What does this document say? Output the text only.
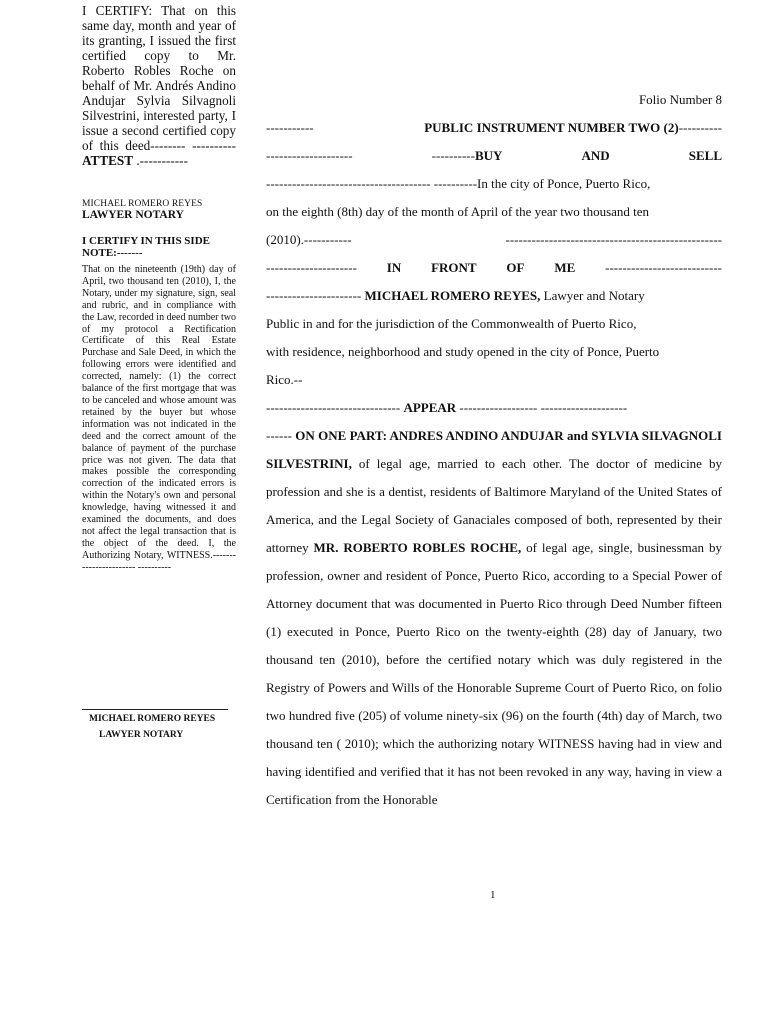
I CERTIFY: That on this same day, month and year of its granting, I issued the first certified copy to Mr. Roberto Robles Roche on behalf of Mr. Andrés Andino Andujar Sylvia Silvagnoli Silvestrini, interested party, I issue a second certified copy of this deed-------- ---------- ATTEST .-----------
MICHAEL ROMERO REYES
LAWYER NOTARY
I CERTIFY IN THIS SIDE NOTE:-------
That on the nineteenth (19th) day of April, two thousand ten (2010), I, the Notary, under my signature, sign, seal and rubric, and in compliance with the Law, recorded in deed number two of my protocol a Rectification Certificate of this Real Estate Purchase and Sale Deed, in which the following errors were identified and corrected, namely: (1) the correct balance of the first mortgage that was to be canceled and whose amount was retained by the buyer but whose information was not indicated in the deed and the correct amount of the balance of payment of the purchase price was not given. The data that makes possible the corresponding correction of the indicated errors is within the Notary's own and personal knowledge, having witnessed it and examined the documents, and does not affect the legal transaction that is the object of the deed. I, the Authorizing Notary, WITNESS.----------------------- ----------
MICHAEL ROMERO REYES
LAWYER NOTARY
Folio Number 8
-----------	PUBLIC INSTRUMENT NUMBER TWO (2)----------
--------------------	----------BUY	AND	SELL
-------------------------------------- ----------In the city of Ponce, Puerto Rico,
on the eighth (8th) day of the month of April of the year two thousand ten
(2010).-----------	--------------------------------------------------
--------------------- IN FRONT OF ME ---------------------------
---------------------- MICHAEL ROMERO REYES, Lawyer and Notary
Public in and for the jurisdiction of the Commonwealth of Puerto Rico,
with residence, neighborhood and study opened in the city of Ponce, Puerto
Rico.--
------------------------------- APPEAR ------------------ --------------------
------ ON ONE PART: ANDRES ANDINO ANDUJAR and SYLVIA SILVAGNOLI SILVESTRINI, of legal age, married to each other. The doctor of medicine by profession and she is a dentist, residents of Baltimore Maryland of the United States of America, and the Legal Society of Ganaciales composed of both, represented by their attorney MR. ROBERTO ROBLES ROCHE, of legal age, single, businessman by profession, owner and resident of Ponce, Puerto Rico, according to a Special Power of Attorney document that was documented in Puerto Rico through Deed Number fifteen (1) executed in Ponce, Puerto Rico on the twenty-eighth (28) day of January, two thousand ten (2010), before the certified notary which was duly registered in the Registry of Powers and Wills of the Honorable Supreme Court of Puerto Rico, on folio two hundred five (205) of volume ninety-six (96) on the fourth (4th) day of March, two thousand ten ( 2010); which the authorizing notary WITNESS having had in view and having identified and verified that it has not been revoked in any way, having in view a Certification from the Honorable
1
